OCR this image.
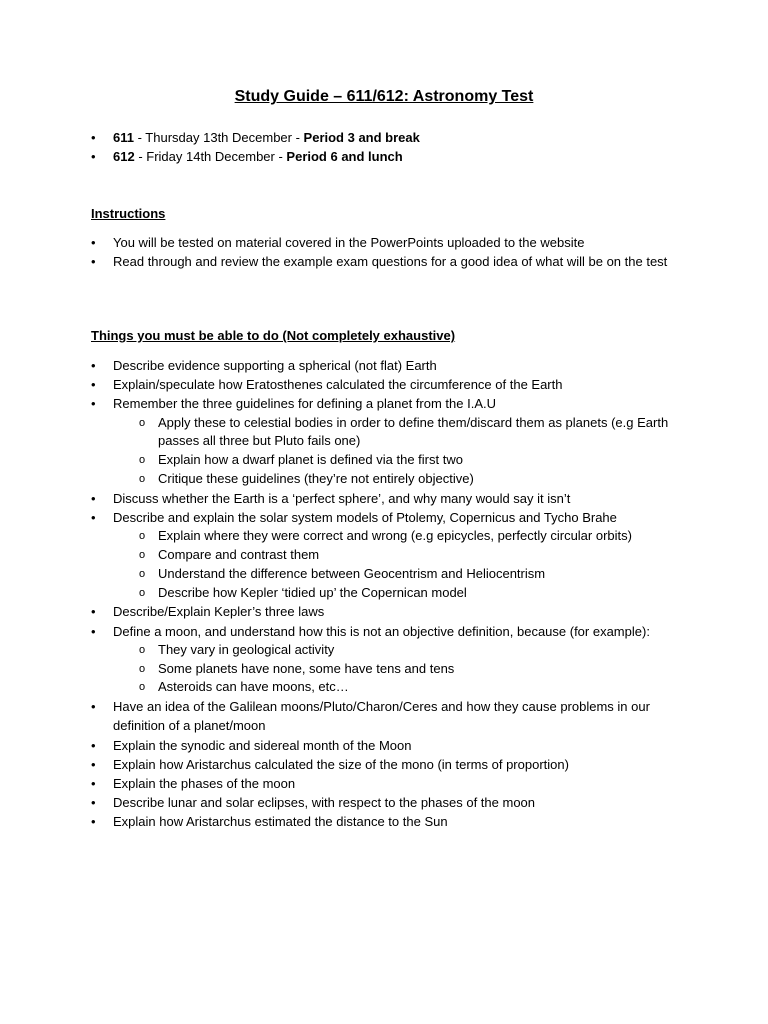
Study Guide – 611/612: Astronomy Test
• 611 - Thursday 13th December - Period 3 and break
• 612 - Friday 14th December - Period 6 and lunch
Instructions
• You will be tested on material covered in the PowerPoints uploaded to the website
• Read through and review the example exam questions for a good idea of what will be on the test
Things you must be able to do (Not completely exhaustive)
• Describe evidence supporting a spherical (not flat) Earth
• Explain/speculate how Eratosthenes calculated the circumference of the Earth
• Remember the three guidelines for defining a planet from the I.A.U
o Apply these to celestial bodies in order to define them/discard them as planets (e.g Earth passes all three but Pluto fails one)
o Explain how a dwarf planet is defined via the first two
o Critique these guidelines (they’re not entirely objective)
• Discuss whether the Earth is a ‘perfect sphere’, and why many would say it isn’t
• Describe and explain the solar system models of Ptolemy, Copernicus and Tycho Brahe
o Explain where they were correct and wrong (e.g epicycles, perfectly circular orbits)
o Compare and contrast them
o Understand the difference between Geocentrism and Heliocentrism
o Describe how Kepler ‘tidied up’ the Copernican model
• Describe/Explain Kepler’s three laws
• Define a moon, and understand how this is not an objective definition, because (for example):
o They vary in geological activity
o Some planets have none, some have tens and tens
o Asteroids can have moons, etc…
• Have an idea of the Galilean moons/Pluto/Charon/Ceres and how they cause problems in our definition of a planet/moon
• Explain the synodic and sidereal month of the Moon
• Explain how Aristarchus calculated the size of the mono (in terms of proportion)
• Explain the phases of the moon
• Describe lunar and solar eclipses, with respect to the phases of the moon
• Explain how Aristarchus estimated the distance to the Sun
